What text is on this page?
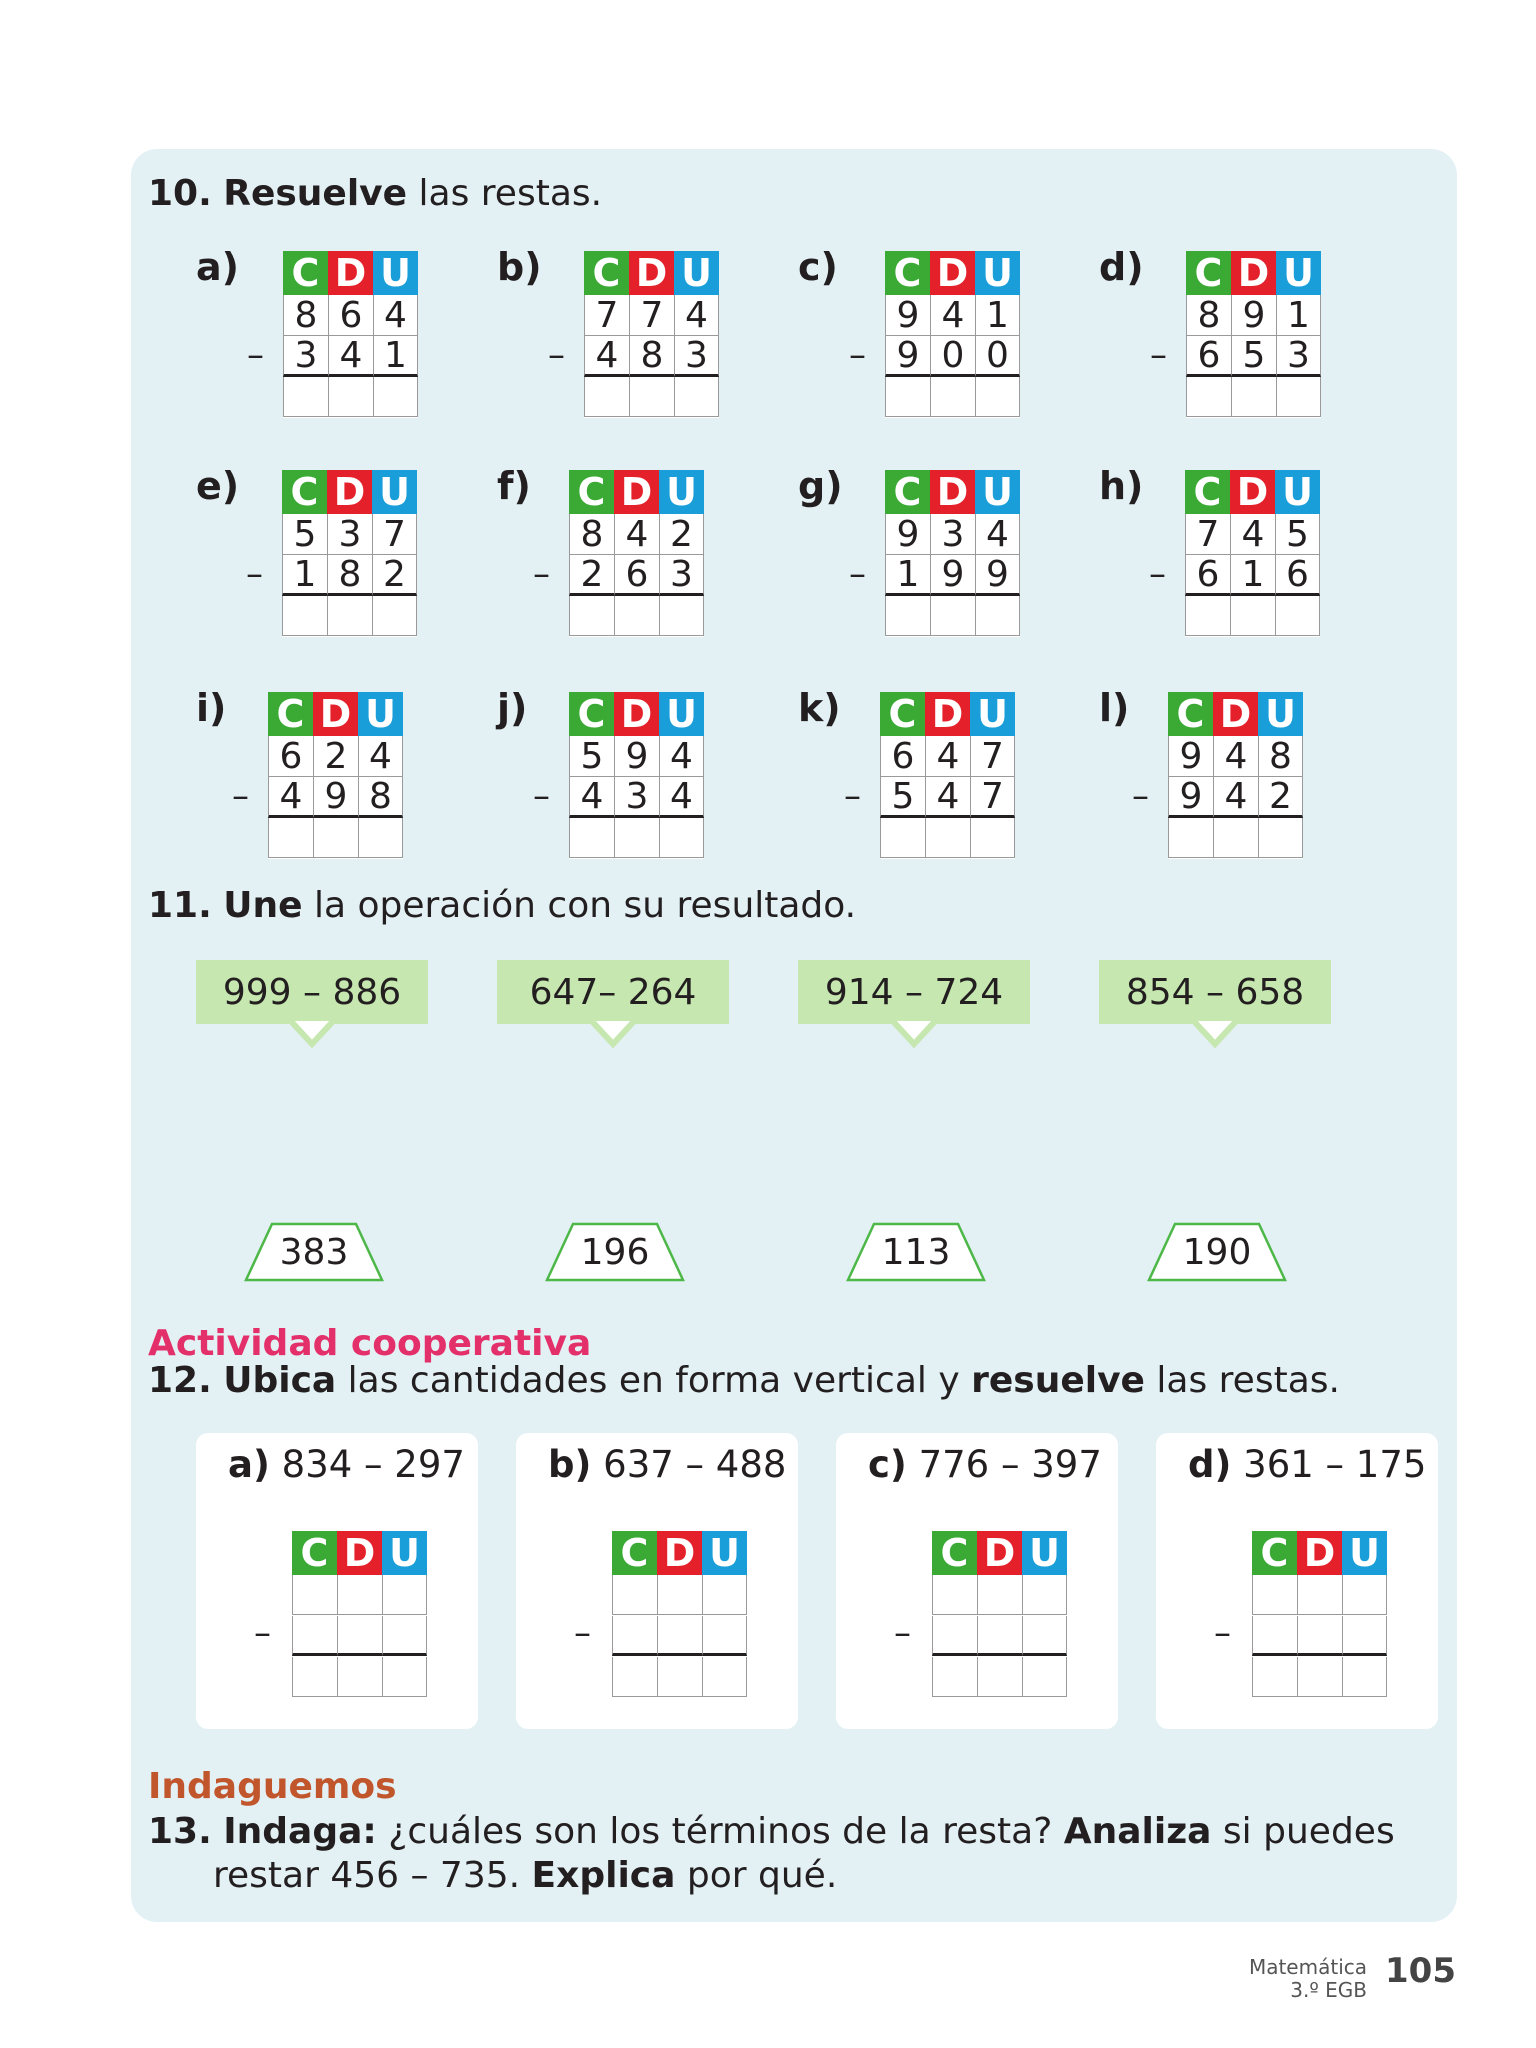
10. Resuelve las restas.
a) C D U
8 6 4
3 4 1
–
b) C D U
7 7 4
4 8 3
–
c) C D U
9 4 1
9 0 0
–
d) C D U
8 9 1
6 5 3
–
e) C D U
5 3 7
1 8 2
–
f) C D U
8 4 2
2 6 3
–
g) C D U
9 3 4
1 9 9
–
h) C D U
7 4 5
6 1 6
–
i) C D U
6 2 4
4 9 8
–
j) C D U
5 9 4
4 3 4
–
k) C D U
6 4 7
5 4 7
–
l) C D U
9 4 8
9 4 2
–
11. Une la operación con su resultado.
999 – 886	647– 264	914 – 724	854 – 658
383	196	113	190
Actividad cooperativa
12. Ubica las cantidades en forma vertical y resuelve las restas.
a) 834 – 297
C D U
–
b) 637 – 488
C D U
–
c) 776 – 397
C D U
–
d) 361 – 175
C D U
–
Indaguemos
13. Indaga: ¿cuáles son los términos de la resta? Analiza si puedes
restar 456 – 735. Explica por qué.
Matemática
3.º EGB 105
